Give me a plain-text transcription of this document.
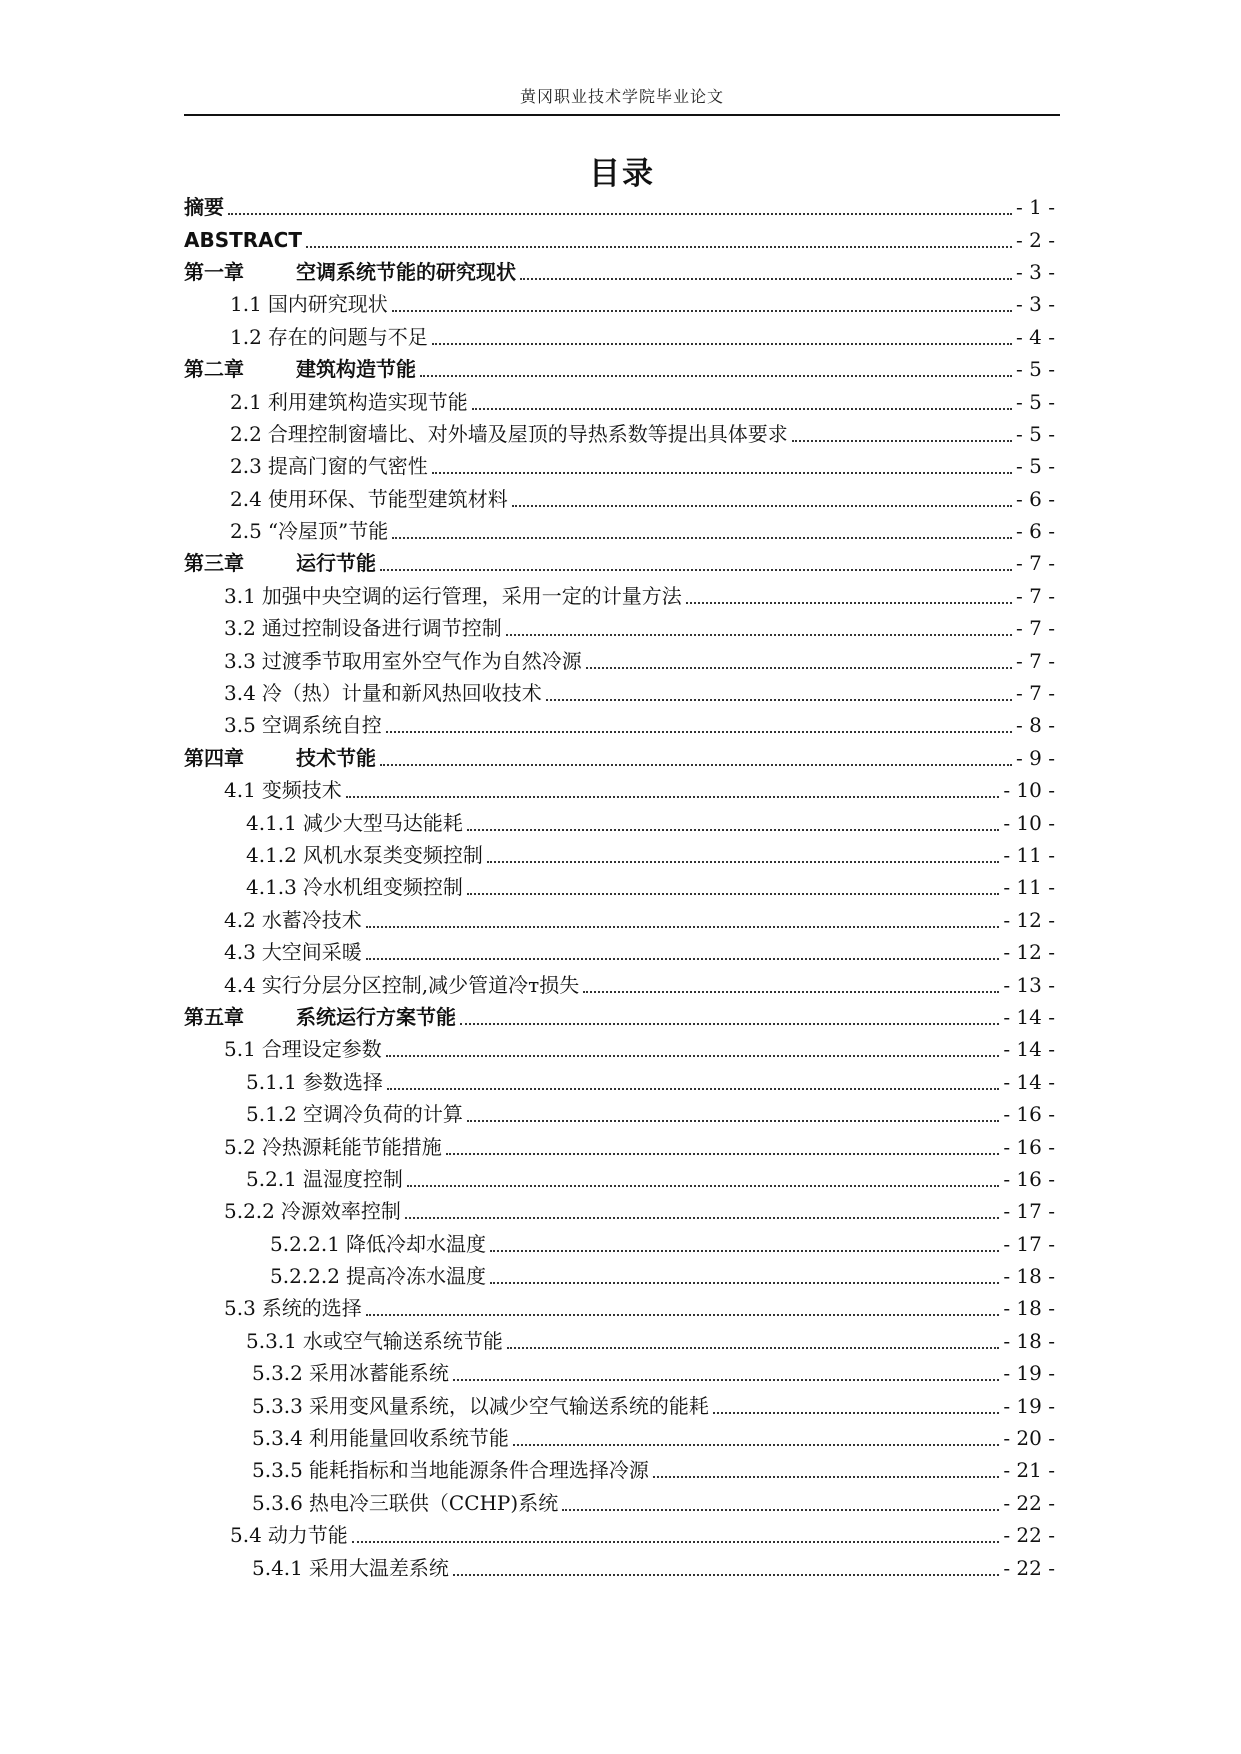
黄冈职业技术学院毕业论文
目录
摘要	- 1 -
ABSTRACT	- 2 -
第一章	空调系统节能的研究现状	- 3 -
1.1 国内研究现状	- 3 -
1.2 存在的问题与不足	- 4 -
第二章	建筑构造节能	- 5 -
2.1 利用建筑构造实现节能	- 5 -
2.2 合理控制窗墙比、对外墙及屋顶的导热系数等提出具体要求	- 5 -
2.3 提高门窗的气密性	- 5 -
2.4 使用环保、节能型建筑材料	- 6 -
2.5 “冷屋顶”节能	- 6 -
第三章	运行节能	- 7 -
3.1 加强中央空调的运行管理，采用一定的计量方法	- 7 -
3.2 通过控制设备进行调节控制	- 7 -
3.3 过渡季节取用室外空气作为自然冷源	- 7 -
3.4 冷（热）计量和新风热回收技术	- 7 -
3.5 空调系统自控	- 8 -
第四章	技术节能	- 9 -
4.1 变频技术	- 10 -
4.1.1 减少大型马达能耗	- 10 -
4.1.2 风机水泵类变频控制	- 11 -
4.1.3 冷水机组变频控制	- 11 -
4.2 水蓄冷技术	- 12 -
4.3 大空间采暖	- 12 -
4.4 实行分层分区控制,减少管道冷т损失	- 13 -
第五章	系统运行方案节能	- 14 -
5.1 合理设定参数	- 14 -
5.1.1 参数选择	- 14 -
5.1.2 空调冷负荷的计算	- 16 -
5.2 冷热源耗能节能措施	- 16 -
5.2.1 温湿度控制	- 16 -
5.2.2 冷源效率控制	- 17 -
5.2.2.1 降低冷却水温度	- 17 -
5.2.2.2 提高冷冻水温度	- 18 -
5.3 系统的选择	- 18 -
5.3.1 水或空气输送系统节能	- 18 -
5.3.2 采用冰蓄能系统	- 19 -
5.3.3 采用变风量系统，以减少空气输送系统的能耗	- 19 -
5.3.4 利用能量回收系统节能	- 20 -
5.3.5 能耗指标和当地能源条件合理选择冷源	- 21 -
5.3.6 热电冷三联供（CCHP)系统	- 22 -
5.4 动力节能	- 22 -
5.4.1 采用大温差系统	- 22 -
